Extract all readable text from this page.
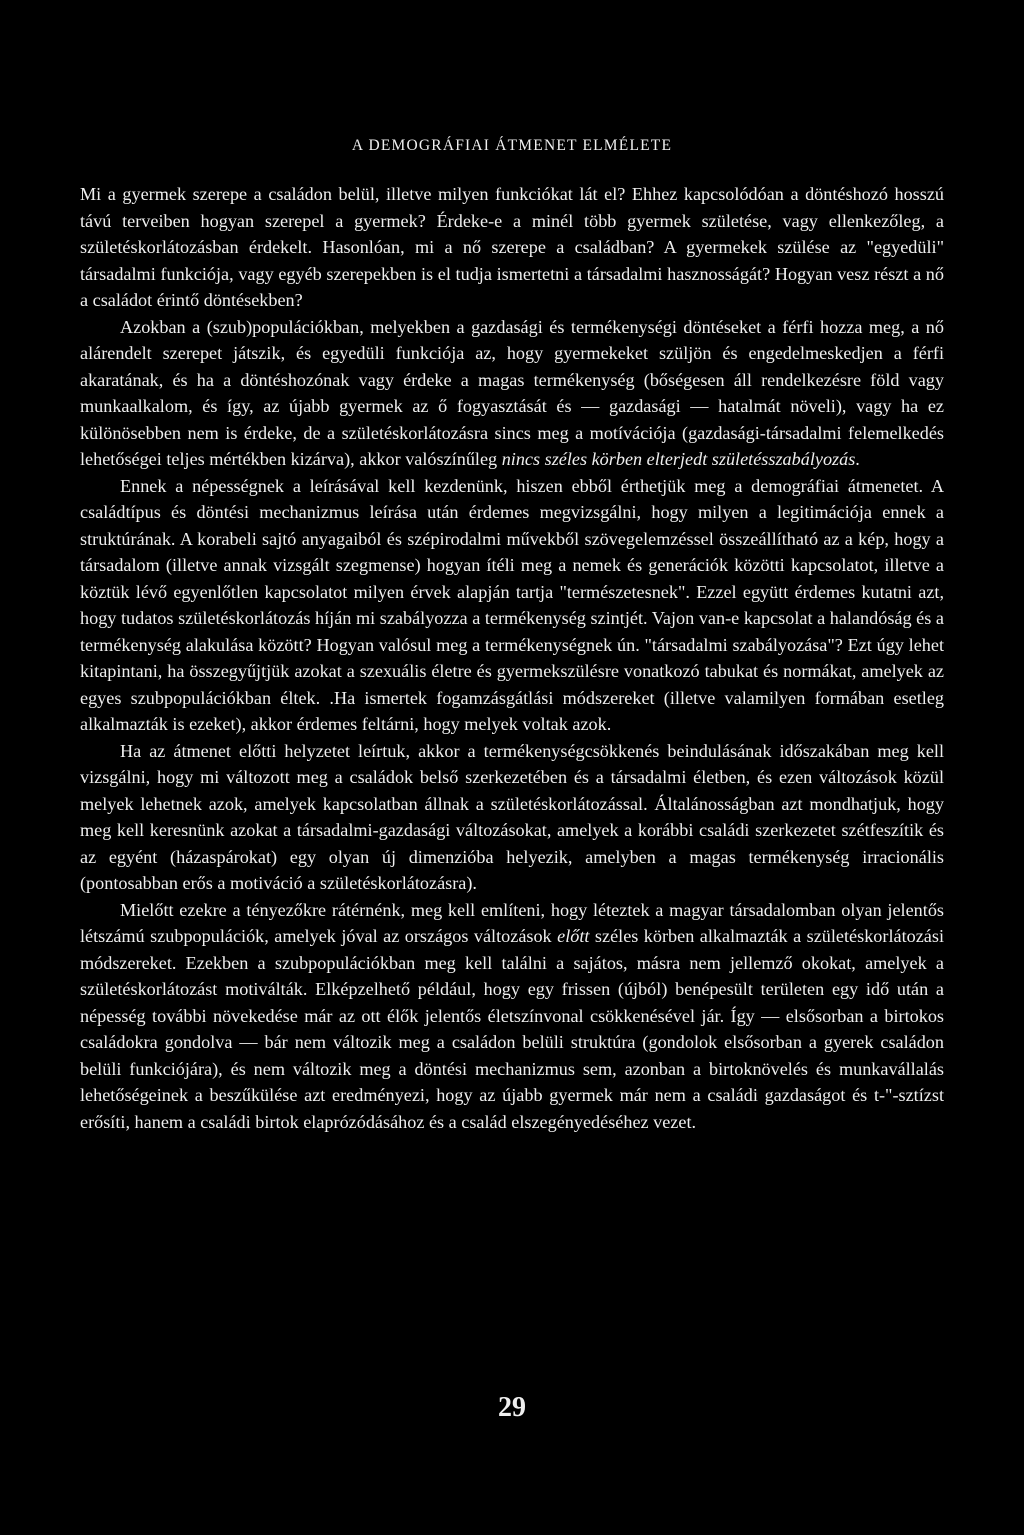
A DEMOGRÁFIAI ÁTMENET ELMÉLETE

Mi a gyermek szerepe a családon belül, illetve milyen funkciókat lát el? Ehhez kapcsolódóan a döntéshozó hosszú távú terveiben hogyan szerepel a gyermek? Érdeke-e a minél több gyermek születése, vagy ellenkezőleg, a születéskorlátozásban érdekelt. Hasonlóan, mi a nő szerepe a családban? A gyermekek szülése az "egyedüli" társadalmi funkciója, vagy egyéb szerepekben is el tudja ismertetni a társadalmi hasznosságát? Hogyan vesz részt a nő a családot érintő döntésekben?

Azokban a (szub)populációkban, melyekben a gazdasági és termékenységi döntéseket a férfi hozza meg, a nő alárendelt szerepet játszik, és egyedüli funkciója az, hogy gyermekeket szüljön és engedelmeskedjen a férfi akaratának, és ha a döntéshozónak vagy érdeke a magas termékenység (bőségesen áll rendelkezésre föld vagy munkaalkalom, és így, az újabb gyermek az ő fogyasztását és — gazdasági — hatalmát növeli), vagy ha ez különösebben nem is érdeke, de a születéskorlátozásra sincs meg a motívációja (gazdasági-társadalmi felemelkedés lehetőségei teljes mértékben kizárva), akkor valószínűleg nincs széles körben elterjedt születésszabályozás.

Ennek a népességnek a leírásával kell kezdenünk, hiszen ebből érthetjük meg a demográfiai átmenetet. A családtípus és döntési mechanizmus leírása után érdemes megvizsgálni, hogy milyen a legitimációja ennek a struktúrának. A korabeli sajtó anyagaiból és szépirodalmi művekből szövegelemzéssel összeállítható az a kép, hogy a társadalom (illetve annak vizsgált szegmense) hogyan ítéli meg a nemek és generációk közötti kapcsolatot, illetve a köztük lévő egyenlőtlen kapcsolatot milyen érvek alapján tartja "természetesnek". Ezzel együtt érdemes kutatni azt, hogy tudatos születéskorlátozás híján mi szabályozza a termékenység szintjét. Vajon van-e kapcsolat a halandóság és a termékenység alakulása között? Hogyan valósul meg a termékenységnek ún. "társadalmi szabályozása"? Ezt úgy lehet kitapintani, ha összegyűjtjük azokat a szexuális életre és gyermekszülésre vonatkozó tabukat és normákat, amelyek az egyes szubpopulációkban éltek. .Ha ismertek fogamzásgátlási módszereket (illetve valamilyen formában esetleg alkalmazták is ezeket), akkor érdemes feltárni, hogy melyek voltak azok.

Ha az átmenet előtti helyzetet leírtuk, akkor a termékenységcsökkenés beindulásának időszakában meg kell vizsgálni, hogy mi változott meg a családok belső szerkezetében és a társadalmi életben, és ezen változások közül melyek lehetnek azok, amelyek kapcsolatban állnak a születéskorlátozással. Általánosságban azt mondhatjuk, hogy meg kell keresnünk azokat a társadalmi-gazdasági változásokat, amelyek a korábbi családi szerkezetet szétfeszítik és az egyént (házaspárokat) egy olyan új dimenzióba helyezik, amelyben a magas termékenység irracionális (pontosabban erős a motiváció a születéskorlátozásra).

Mielőtt ezekre a tényezőkre rátérnénk, meg kell említeni, hogy léteztek a magyar társadalomban olyan jelentős létszámú szubpopulációk, amelyek jóval az országos változások előtt széles körben alkalmazták a születéskorlátozási módszereket. Ezekben a szubpopulációkban meg kell találni a sajátos, másra nem jellemző okokat, amelyek a születéskorlátozást motiválták. Elképzelhető például, hogy egy frissen (újból) benépesült területen egy idő után a népesség további növekedése már az ott élők jelentős életszínvonal csökkenésével jár. Így — elsősorban a birtokos családokra gondolva — bár nem változik meg a családon belüli struktúra (gondolok elsősorban a gyerek családon belüli funkciójára), és nem változik meg a döntési mechanizmus sem, azonban a birtoknövelés és munkavállalás lehetőségeinek a beszűkülése azt eredményezi, hogy az újabb gyermek már nem a családi gazdaságot és t-"-sztízst erősíti, hanem a családi birtok elaprózódásához és a család elszegényedéséhez vezet.

29
